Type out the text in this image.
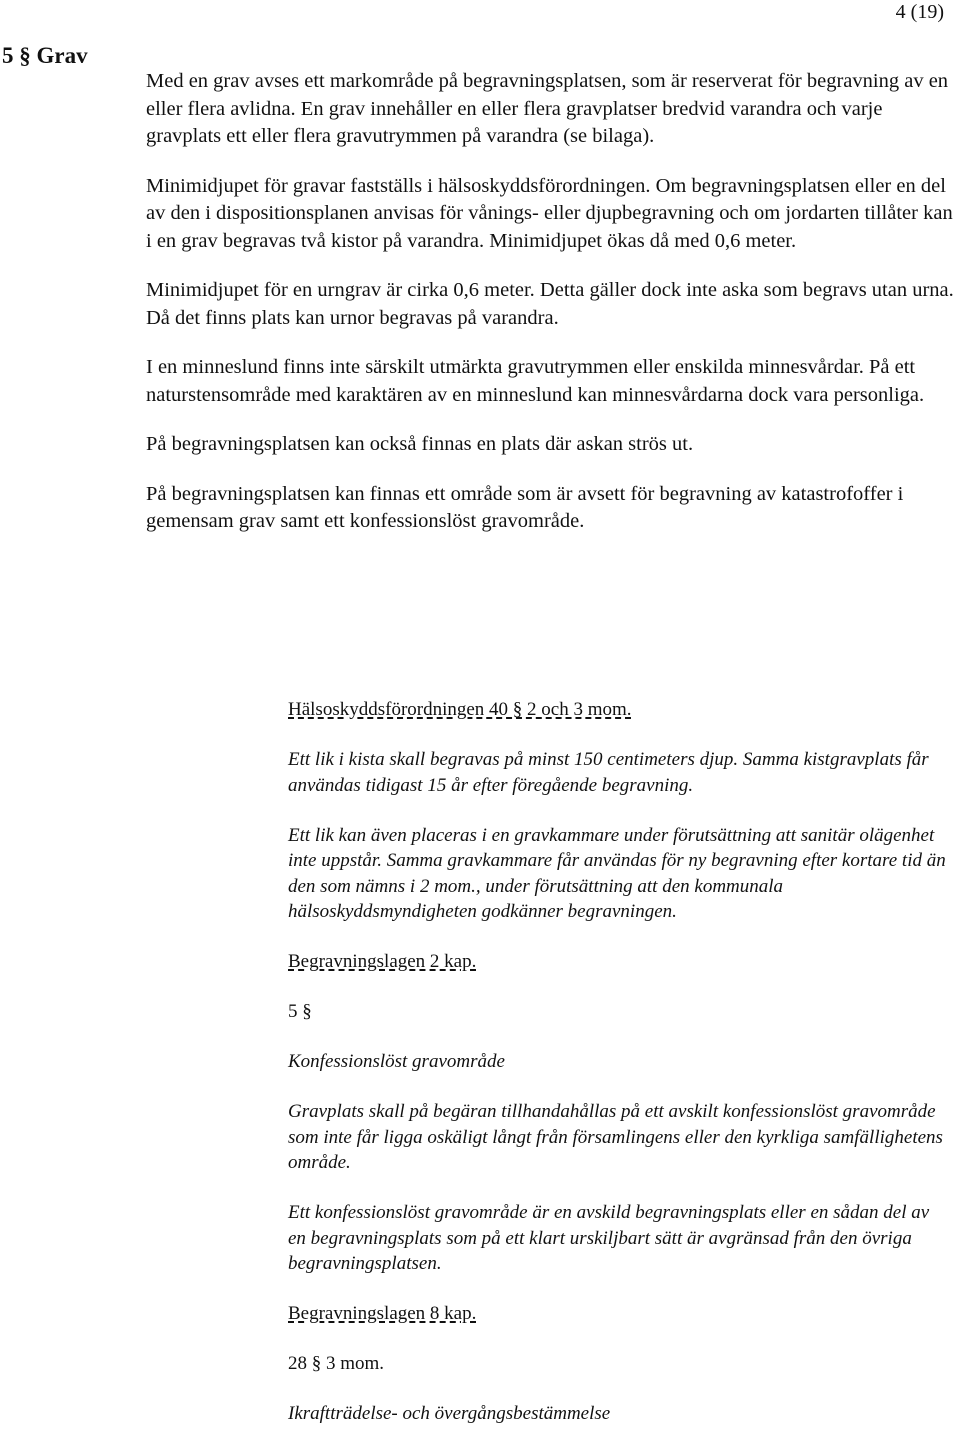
4 (19)
5 § Grav

Med en grav avses ett markområde på begravningsplatsen, som är reserverat för begravning av en eller flera avlidna. En grav innehåller en eller flera gravplatser bredvid varandra och varje gravplats ett eller flera gravutrymmen på varandra (se bilaga).

Minimidjupet för gravar fastställs i hälsoskyddsförordningen. Om begravningsplatsen eller en del av den i dispositionsplanen anvisas för vånings- eller djupbegravning och om jordarten tillåter kan i en grav begravas två kistor på varandra. Minimidjupet ökas då med 0,6 meter.

Minimidjupet för en urngrav är cirka 0,6 meter. Detta gäller dock inte aska som begravs utan urna. Då det finns plats kan urnor begravas på varandra.

I en minneslund finns inte särskilt utmärkta gravutrymmen eller enskilda minnesvårdar. På ett naturstensområde med karaktären av en minneslund kan minnesvårdarna dock vara personliga.

På begravningsplatsen kan också finnas en plats där askan strös ut.

På begravningsplatsen kan finnas ett område som är avsett för begravning av katastrofoffer i gemensam grav samt ett konfessionslöst gravområde.

Hälsoskyddsförordningen 40 § 2 och 3 mom.

Ett lik i kista skall begravas på minst 150 centimeters djup. Samma kistgravplats får användas tidigast 15 år efter föregående begravning.

Ett lik kan även placeras i en gravkammare under förutsättning att sanitär olägenhet inte uppstår. Samma gravkammare får användas för ny begravning efter kortare tid än den som nämns i 2 mom., under förutsättning att den kommunala hälsoskyddsmyndigheten godkänner begravningen.

Begravningslagen 2 kap.

5 §

Konfessionslöst gravområde

Gravplats skall på begäran tillhandahållas på ett avskilt konfessionslöst gravområde som inte får ligga oskäligt långt från församlingens eller den kyrkliga samfällighetens område.

Ett konfessionslöst gravområde är en avskild begravningsplats eller en sådan del av en begravningsplats som på ett klart urskiljbart sätt är avgränsad från den övriga begravningsplatsen.

Begravningslagen 8 kap.

28 § 3 mom.

Ikraftträdelse- och övergångsbestämmelse
